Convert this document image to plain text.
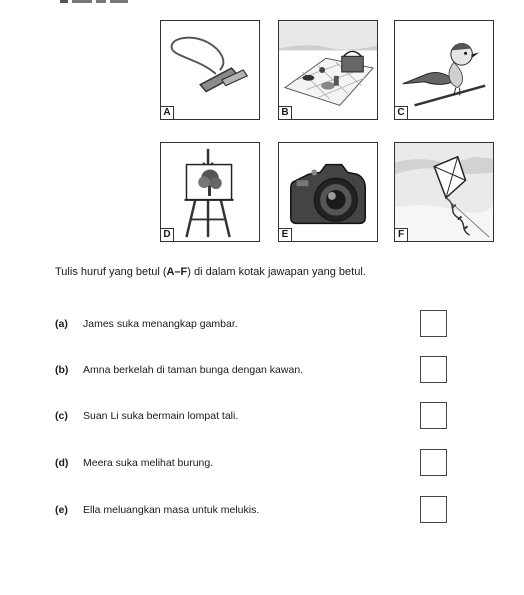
A	B	C
D	E	F
Tulis huruf yang betul (A–F) di dalam kotak jawapan yang betul.
(a) James suka menangkap gambar.
(b) Amna berkelah di taman bunga dengan kawan.
(c) Suan Li suka bermain lompat tali.
(d) Meera suka melihat burung.
(e) Ella meluangkan masa untuk melukis.
